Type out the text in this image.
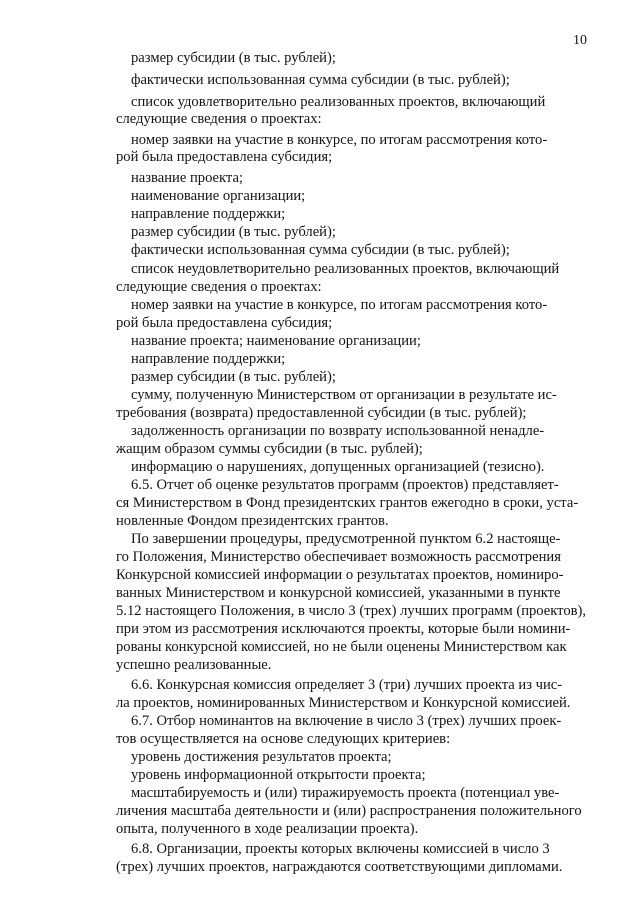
10
размер субсидии (в тыс. рублей);
фактически использованная сумма субсидии (в тыс. рублей);
список удовлетворительно реализованных проектов, включающий
следующие сведения о проектах:
номер заявки на участие в конкурсе, по итогам рассмотрения кото-
рой была предоставлена субсидия;
название проекта;
наименование организации;
направление поддержки;
размер субсидии (в тыс. рублей);
фактически использованная сумма субсидии (в тыс. рублей);
список неудовлетворительно реализованных проектов, включающий
следующие сведения о проектах:
номер заявки на участие в конкурсе, по итогам рассмотрения кото-
рой была предоставлена субсидия;
название проекта; наименование организации;
направление поддержки;
размер субсидии (в тыс. рублей);
сумму, полученную Министерством от организации в результате ис-
требования (возврата) предоставленной субсидии (в тыс. рублей);
задолженность организации по возврату использованной ненадле-
жащим образом суммы субсидии (в тыс. рублей);
информацию о нарушениях, допущенных организацией (тезисно).
6.5. Отчет об оценке результатов программ (проектов) представляет-
ся Министерством в Фонд президентских грантов ежегодно в сроки, уста-
новленные Фондом президентских грантов.
По завершении процедуры, предусмотренной пунктом 6.2 настояще-
го Положения, Министерство обеспечивает возможность рассмотрения
Конкурсной комиссией информации о результатах проектов, номиниро-
ванных Министерством и конкурсной комиссией, указанными в пункте
5.12 настоящего Положения, в число 3 (трех) лучших программ (проектов),
при этом из рассмотрения исключаются проекты, которые были номини-
рованы конкурсной комиссией, но не были оценены Министерством как
успешно реализованные.
6.6. Конкурсная комиссия определяет 3 (три) лучших проекта из чис-
ла проектов, номинированных Министерством и Конкурсной комиссией.
6.7. Отбор номинантов на включение в число 3 (трех) лучших проек-
тов осуществляется на основе следующих критериев:
уровень достижения результатов проекта;
уровень информационной открытости проекта;
масштабируемость и (или) тиражируемость проекта (потенциал уве-
личения масштаба деятельности и (или) распространения положительного
опыта, полученного в ходе реализации проекта).
6.8. Организации, проекты которых включены комиссией в число 3
(трех) лучших проектов, награждаются соответствующими дипломами.
